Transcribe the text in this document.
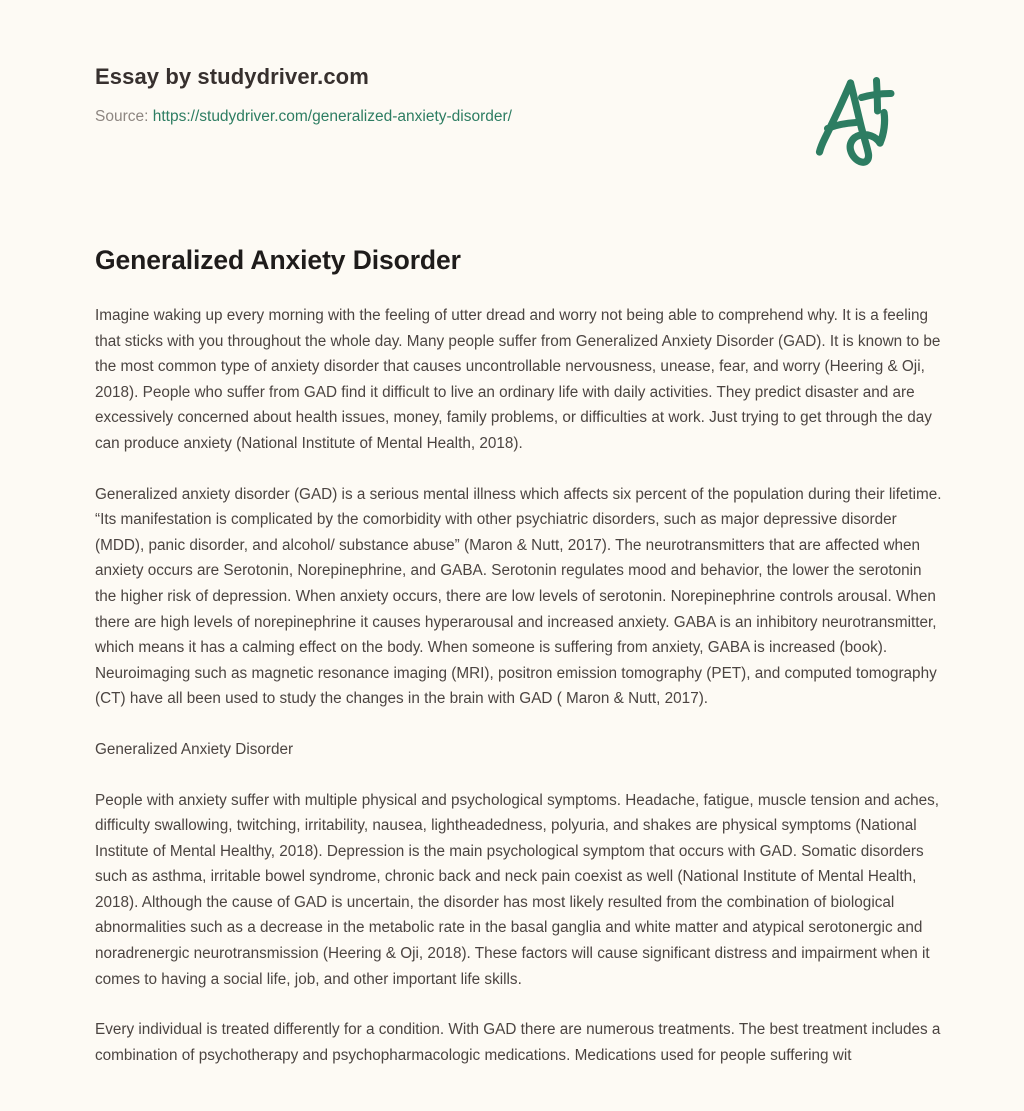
Essay by studydriver.com
Source: https://studydriver.com/generalized-anxiety-disorder/
Generalized Anxiety Disorder

Imagine waking up every morning with the feeling of utter dread and worry not being able to comprehend why. It is a feeling that sticks with you throughout the whole day. Many people suffer from Generalized Anxiety Disorder (GAD). It is known to be the most common type of anxiety disorder that causes uncontrollable nervousness, unease, fear, and worry (Heering & Oji, 2018). People who suffer from GAD find it difficult to live an ordinary life with daily activities. They predict disaster and are excessively concerned about health issues, money, family problems, or difficulties at work. Just trying to get through the day can produce anxiety (National Institute of Mental Health, 2018).

Generalized anxiety disorder (GAD) is a serious mental illness which affects six percent of the population during their lifetime. “Its manifestation is complicated by the comorbidity with other psychiatric disorders, such as major depressive disorder (MDD), panic disorder, and alcohol/ substance abuse” (Maron & Nutt, 2017). The neurotransmitters that are affected when anxiety occurs are Serotonin, Norepinephrine, and GABA. Serotonin regulates mood and behavior, the lower the serotonin the higher risk of depression. When anxiety occurs, there are low levels of serotonin. Norepinephrine controls arousal. When there are high levels of norepinephrine it causes hyperarousal and increased anxiety. GABA is an inhibitory neurotransmitter, which means it has a calming effect on the body. When someone is suffering from anxiety, GABA is increased (book). Neuroimaging such as magnetic resonance imaging (MRI), positron emission tomography (PET), and computed tomography (CT) have all been used to study the changes in the brain with GAD ( Maron & Nutt, 2017).

Generalized Anxiety Disorder

People with anxiety suffer with multiple physical and psychological symptoms. Headache, fatigue, muscle tension and aches, difficulty swallowing, twitching, irritability, nausea, lightheadedness, polyuria, and shakes are physical symptoms (National Institute of Mental Healthy, 2018). Depression is the main psychological symptom that occurs with GAD. Somatic disorders such as asthma, irritable bowel syndrome, chronic back and neck pain coexist as well (National Institute of Mental Health, 2018). Although the cause of GAD is uncertain, the disorder has most likely resulted from the combination of biological abnormalities such as a decrease in the metabolic rate in the basal ganglia and white matter and atypical serotonergic and noradrenergic neurotransmission (Heering & Oji, 2018). These factors will cause significant distress and impairment when it comes to having a social life, job, and other important life skills.

Every individual is treated differently for a condition. With GAD there are numerous treatments. The best treatment includes a combination of psychotherapy and psychopharmacologic medications. Medications used for people suffering wit
